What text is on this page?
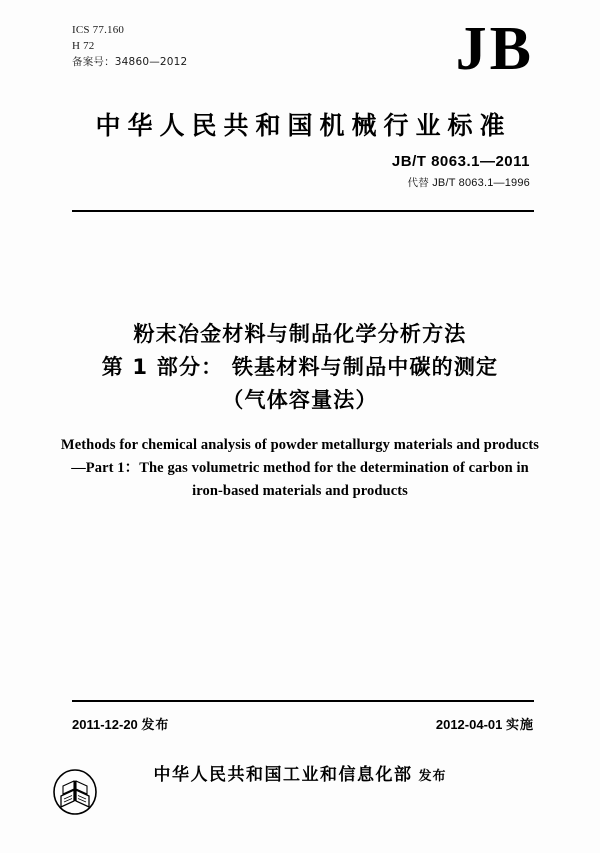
ICS 77.160
H 72
备案号：34860—2012	JB
中华人民共和国机械行业标准
JB/T 8063.1—2011
代替 JB/T 8063.1—1996
粉末冶金材料与制品化学分析方法
第 1 部分： 铁基材料与制品中碳的测定
（气体容量法）
Methods for chemical analysis of powder metallurgy materials and products
—Part 1：The gas volumetric method for the determination of carbon in
iron-based materials and products
2011-12-20 发布	2012-04-01 实施
中华人民共和国工业和信息化部 发布
